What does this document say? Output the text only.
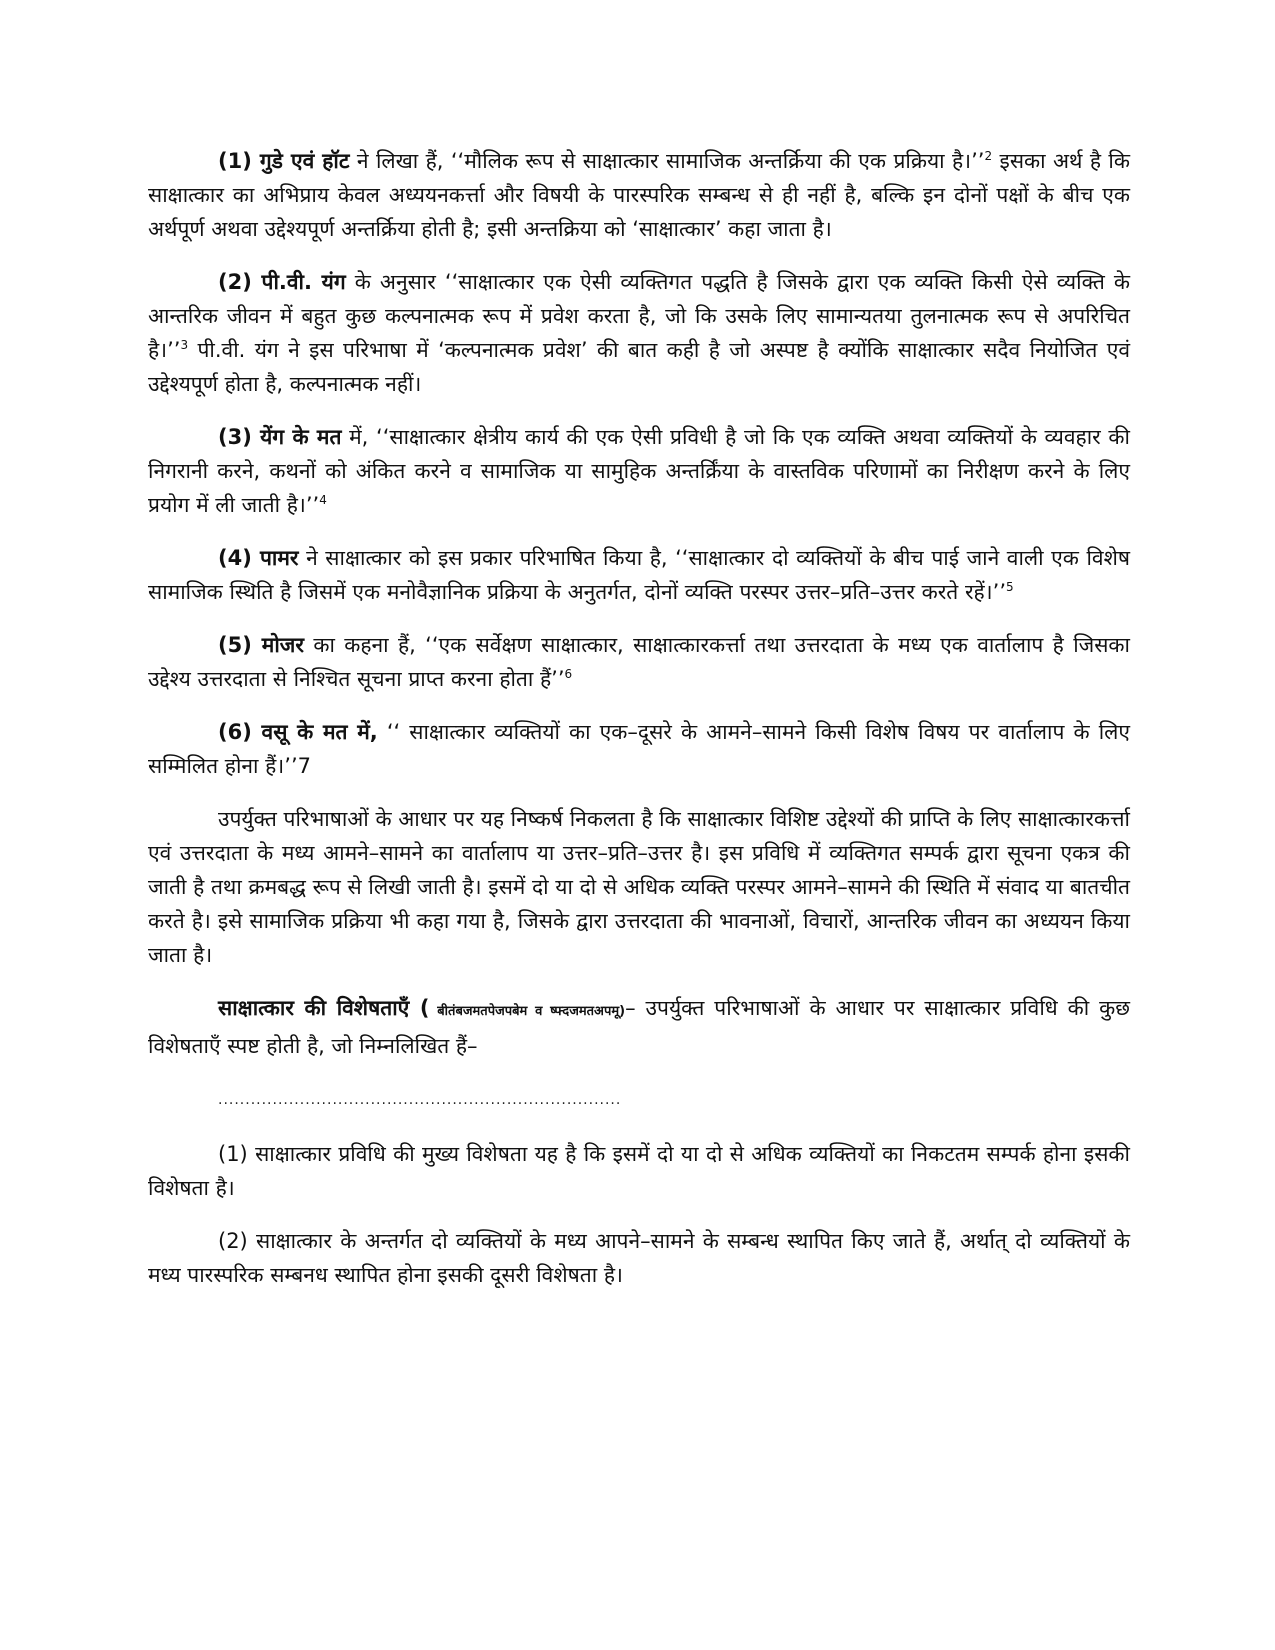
(1) गुडे एवं हॉट ने लिखा हैं, ‘‘मौलिक रूप से साक्षात्कार सामाजिक अन्तर्क्रिया की एक प्रक्रिया है।’’$^2$ इसका अर्थ है कि साक्षात्कार का अभिप्राय केवल अध्ययनकर्त्ता और विषयी के पारस्परिक सम्बन्ध से ही नहीं है, बल्कि इन दोनों पक्षों के बीच एक अर्थपूर्ण अथवा उद्देश्यपूर्ण अन्तर्क्रिया होती है; इसी अन्तक्रिया को ‘साक्षात्कार’ कहा जाता है।

(2) पी.वी. यंग के अनुसार ‘‘साक्षात्कार एक ऐसी व्यक्तिगत पद्धति है जिसके द्वारा एक व्यक्ति किसी ऐसे व्यक्ति के आन्तरिक जीवन में बहुत कुछ कल्पनात्मक रूप में प्रवेश करता है, जो कि उसके लिए सामान्यतया तुलनात्मक रूप से अपरिचित है।’’$^3$ पी.वी. यंग ने इस परिभाषा में ‘कल्पनात्मक प्रवेश’ की बात कही है जो अस्पष्ट है क्योंकि साक्षात्कार सदैव नियोजित एवं उद्देश्यपूर्ण होता है, कल्पनात्मक नहीं।

(3) येंग के मत में, ‘‘साक्षात्कार क्षेत्रीय कार्य की एक ऐसी प्रविधी है जो कि एक व्यक्ति अथवा व्यक्तियों के व्यवहार की निगरानी करने, कथनों को अंकित करने व सामाजिक या सामुहिक अन्तर्क्रिंया के वास्तविक परिणामों का निरीक्षण करने के लिए प्रयोग में ली जाती है।’’$^4$

(4) पामर ने साक्षात्कार को इस प्रकार परिभाषित किया है, ‘‘साक्षात्कार दो व्यक्तियों के बीच पाई जाने वाली एक विशेष सामाजिक स्थिति है जिसमें एक मनोवैज्ञानिक प्रक्रिया के अनुतर्गत, दोनों व्यक्ति परस्पर उत्तर–प्रति–उत्तर करते रहें।’’$^5$

(5) मोजर का कहना हैं, ‘‘एक सर्वेक्षण साक्षात्कार, साक्षात्कारकर्त्ता तथा उत्तरदाता के मध्य एक वार्तालाप है जिसका उद्देश्य उत्तरदाता से निश्चित सूचना प्राप्त करना होता हैं’’$^6$

(6) वसू के मत में, ‘‘ साक्षात्कार व्यक्तियों का एक–दूसरे के आमने–सामने किसी विशेष विषय पर वार्तालाप के लिए सम्मिलित होना हैं।’’7

उपर्युक्त परिभाषाओं के आधार पर यह निष्कर्ष निकलता है कि साक्षात्कार विशिष्ट उद्देश्यों की प्राप्ति के लिए साक्षात्कारकर्त्ता एवं उत्तरदाता के मध्य आमने–सामने का वार्तालाप या उत्तर–प्रति–उत्तर है। इस प्रविधि में व्यक्तिगत सम्पर्क द्वारा सूचना एकत्र की जाती है तथा क्रमबद्ध रूप से लिखी जाती है। इसमें दो या दो से अधिक व्यक्ति परस्पर आमने–सामने की स्थिति में संवाद या बातचीत करते है। इसे सामाजिक प्रक्रिया भी कहा गया है, जिसके द्वारा उत्तरदाता की भावनाओं, विचारों, आन्तरिक जीवन का अध्ययन किया जाता है।

साक्षात्कार की विशेषताएँ ( बीतंबजमतपेजपबेम व ष्फ्दजमतअपमू)– उपर्युक्त परिभाषाओं के आधार पर साक्षात्कार प्रविधि की कुछ विशेषताएँ स्पष्ट होती है, जो निम्नलिखित हैं–

..........................................................................

(1) साक्षात्कार प्रविधि की मुख्य विशेषता यह है कि इसमें दो या दो से अधिक व्यक्तियों का निकटतम सम्पर्क होना इसकी विशेषता है।

(2) साक्षात्कार के अन्तर्गत दो व्यक्तियों के मध्य आपने–सामने के सम्बन्ध स्थापित किए जाते हैं, अर्थात् दो व्यक्तियों के मध्य पारस्परिक सम्बनध स्थापित होना इसकी दूसरी विशेषता है।
